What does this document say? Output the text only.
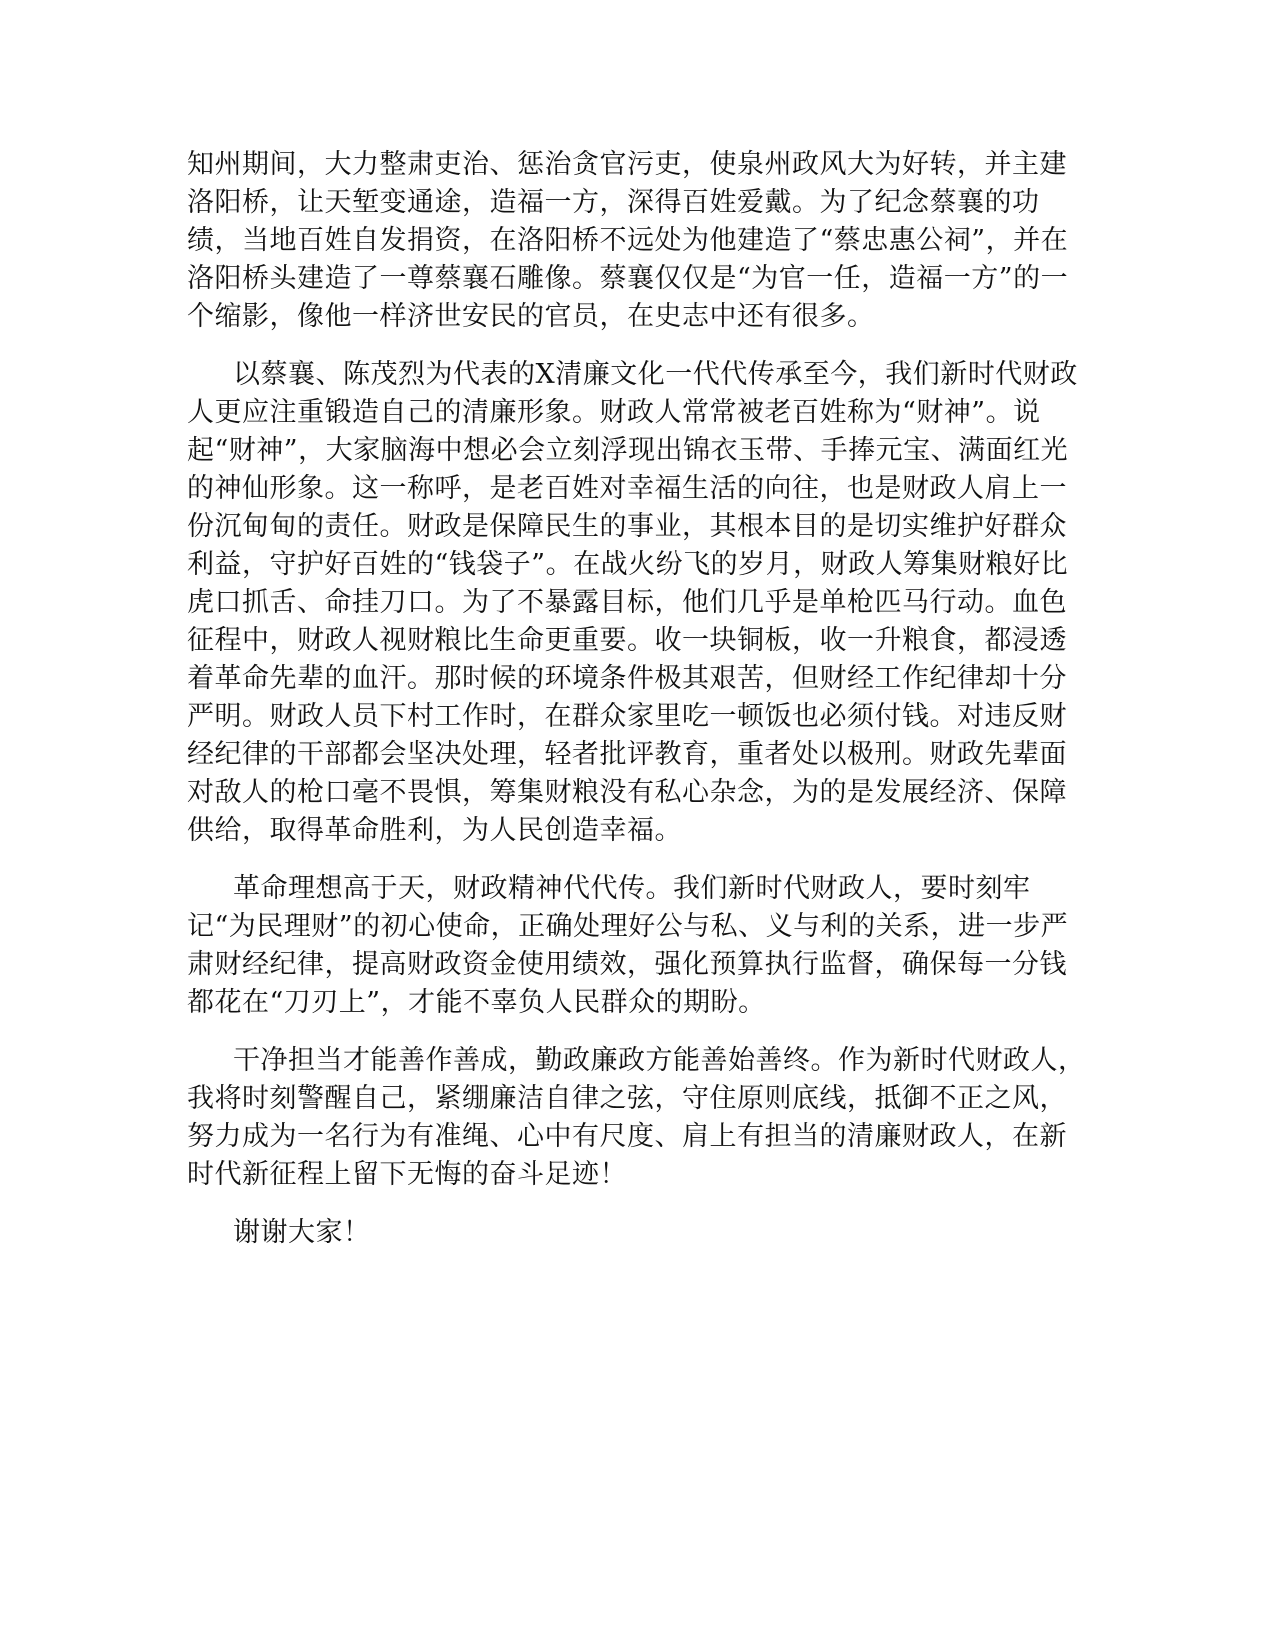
知州期间，大力整肃吏治、惩治贪官污吏，使泉州政风大为好转，并主建洛阳桥，让天堑变通途，造福一方，深得百姓爱戴。为了纪念蔡襄的功绩，当地百姓自发捐资，在洛阳桥不远处为他建造了“蔡忠惠公祠”，并在洛阳桥头建造了一尊蔡襄石雕像。蔡襄仅仅是“为官一任，造福一方”的一个缩影，像他一样济世安民的官员，在史志中还有很多。

以蔡襄、陈茂烈为代表的X清廉文化一代代传承至今，我们新时代财政人更应注重锻造自己的清廉形象。财政人常常被老百姓称为“财神”。说起“财神”，大家脑海中想必会立刻浮现出锦衣玉带、手捧元宝、满面红光的神仙形象。这一称呼，是老百姓对幸福生活的向往，也是财政人肩上一份沉甸甸的责任。财政是保障民生的事业，其根本目的是切实维护好群众利益，守护好百姓的“钱袋子”。在战火纷飞的岁月，财政人筹集财粮好比虎口抓舌、命挂刀口。为了不暴露目标，他们几乎是单枪匹马行动。血色征程中，财政人视财粮比生命更重要。收一块铜板，收一升粮食，都浸透着革命先辈的血汗。那时候的环境条件极其艰苦，但财经工作纪律却十分严明。财政人员下村工作时，在群众家里吃一顿饭也必须付钱。对违反财经纪律的干部都会坚决处理，轻者批评教育，重者处以极刑。财政先辈面对敌人的枪口毫不畏惧，筹集财粮没有私心杂念，为的是发展经济、保障供给，取得革命胜利，为人民创造幸福。

革命理想高于天，财政精神代代传。我们新时代财政人，要时刻牢记“为民理财”的初心使命，正确处理好公与私、义与利的关系，进一步严肃财经纪律，提高财政资金使用绩效，强化预算执行监督，确保每一分钱都花在“刀刃上”，才能不辜负人民群众的期盼。

干净担当才能善作善成，勤政廉政方能善始善终。作为新时代财政人，我将时刻警醒自己，紧绷廉洁自律之弦，守住原则底线，抵御不正之风，努力成为一名行为有准绳、心中有尺度、肩上有担当的清廉财政人，在新时代新征程上留下无悔的奋斗足迹！

谢谢大家！
